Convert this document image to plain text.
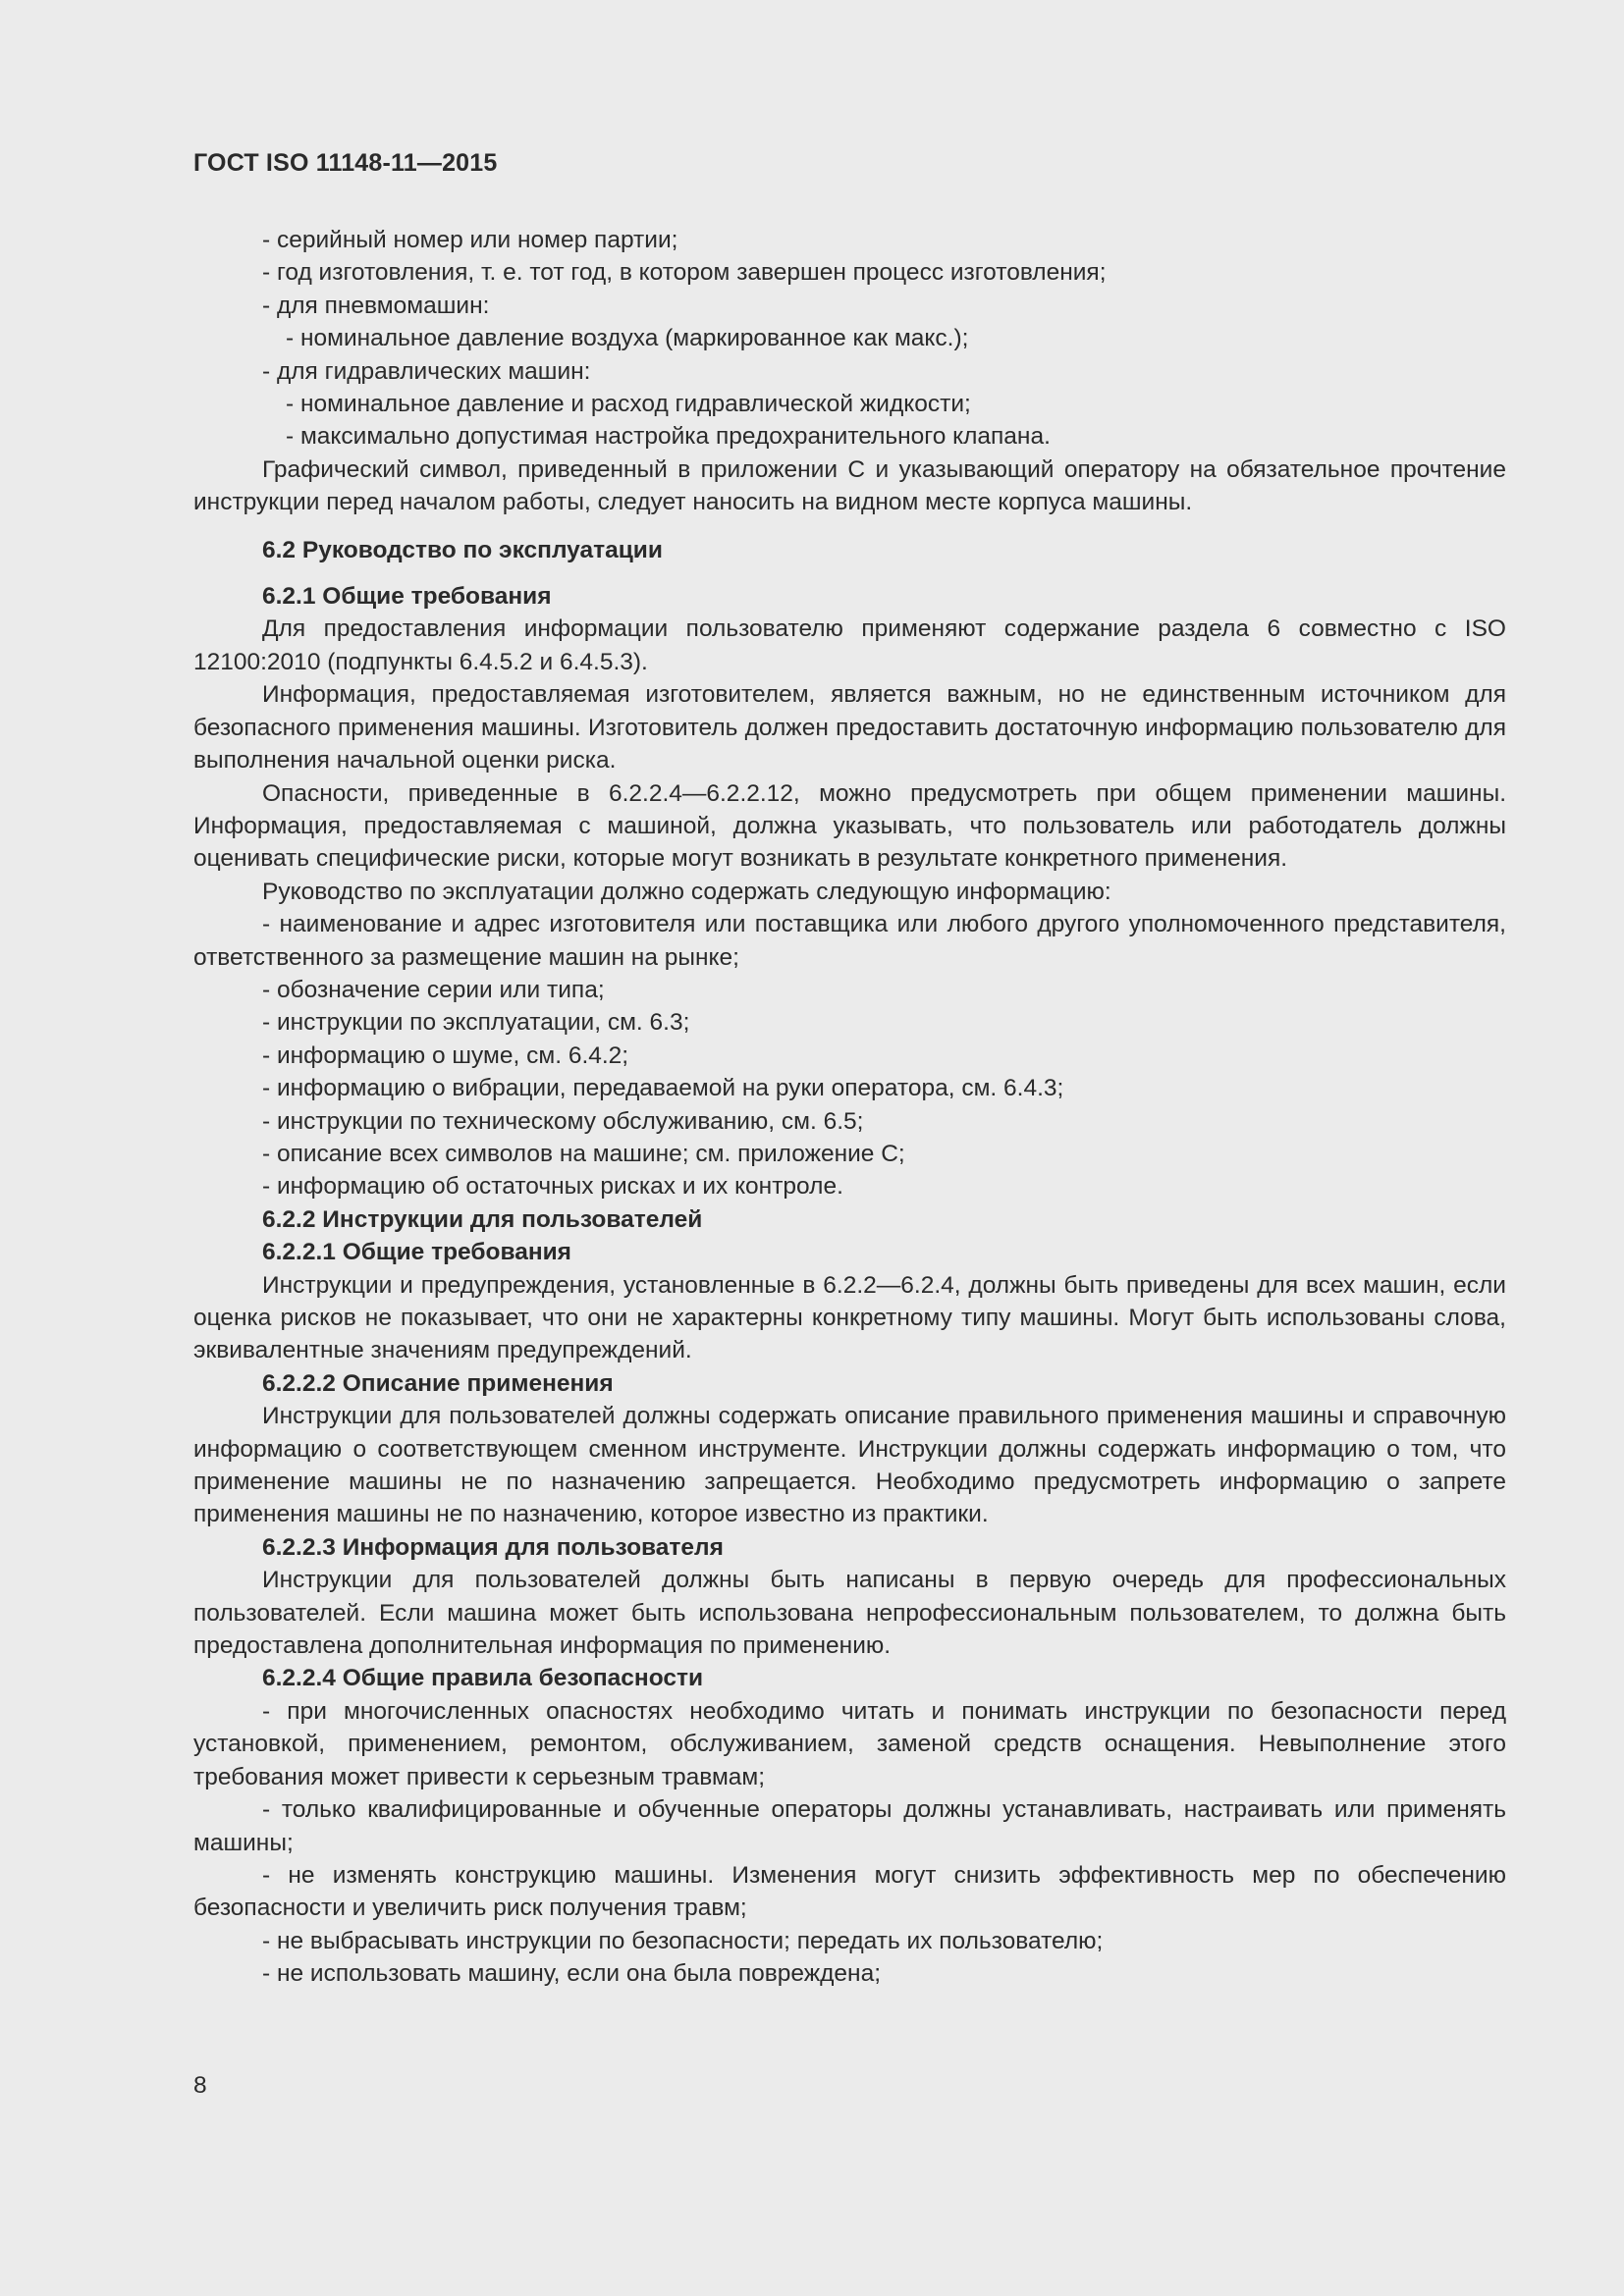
ГОСТ ISO 11148-11—2015

- серийный номер или номер партии;

- год изготовления, т. е. тот год, в котором завершен процесс изготовления;

- для пневмомашин:

- номинальное давление воздуха (маркированное как макс.);

- для гидравлических машин:

- номинальное давление и расход гидравлической жидкости;

- максимально допустимая настройка предохранительного клапана.

Графический символ, приведенный в приложении С и указывающий оператору на обязательное прочтение инструкции перед началом работы, следует наносить на видном месте корпуса машины.

6.2 Руководство по эксплуатации

6.2.1 Общие требования

Для предоставления информации пользователю применяют содержание раздела 6 совместно с ISO 12100:2010 (подпункты 6.4.5.2 и 6.4.5.3).

Информация, предоставляемая изготовителем, является важным, но не единственным источником для безопасного применения машины. Изготовитель должен предоставить достаточную информацию пользователю для выполнения начальной оценки риска.

Опасности, приведенные в 6.2.2.4—6.2.2.12, можно предусмотреть при общем применении машины. Информация, предоставляемая с машиной, должна указывать, что пользователь или работодатель должны оценивать специфические риски, которые могут возникать в результате конкретного применения.

Руководство по эксплуатации должно содержать следующую информацию:

- наименование и адрес изготовителя или поставщика или любого другого уполномоченного представителя, ответственного за размещение машин на рынке;

- обозначение серии или типа;

- инструкции по эксплуатации, см. 6.3;

- информацию о шуме, см. 6.4.2;

- информацию о вибрации, передаваемой на руки оператора, см. 6.4.3;

- инструкции по техническому обслуживанию, см. 6.5;

- описание всех символов на машине; см. приложение С;

- информацию об остаточных рисках и их контроле.

6.2.2 Инструкции для пользователей

6.2.2.1 Общие требования

Инструкции и предупреждения, установленные в 6.2.2—6.2.4, должны быть приведены для всех машин, если оценка рисков не показывает, что они не характерны конкретному типу машины. Могут быть использованы слова, эквивалентные значениям предупреждений.

6.2.2.2 Описание применения

Инструкции для пользователей должны содержать описание правильного применения машины и справочную информацию о соответствующем сменном инструменте. Инструкции должны содержать информацию о том, что применение машины не по назначению запрещается. Необходимо предусмотреть информацию о запрете применения машины не по назначению, которое известно из практики.

6.2.2.3 Информация для пользователя

Инструкции для пользователей должны быть написаны в первую очередь для профессиональных пользователей. Если машина может быть использована непрофессиональным пользователем, то должна быть предоставлена дополнительная информация по применению.

6.2.2.4 Общие правила безопасности

- при многочисленных опасностях необходимо читать и понимать инструкции по безопасности перед установкой, применением, ремонтом, обслуживанием, заменой средств оснащения. Невыполнение этого требования может привести к серьезным травмам;

- только квалифицированные и обученные операторы должны устанавливать, настраивать или применять машины;

- не изменять конструкцию машины. Изменения могут снизить эффективность мер по обеспечению безопасности и увеличить риск получения травм;

- не выбрасывать инструкции по безопасности; передать их пользователю;

- не использовать машину, если она была повреждена;

8
